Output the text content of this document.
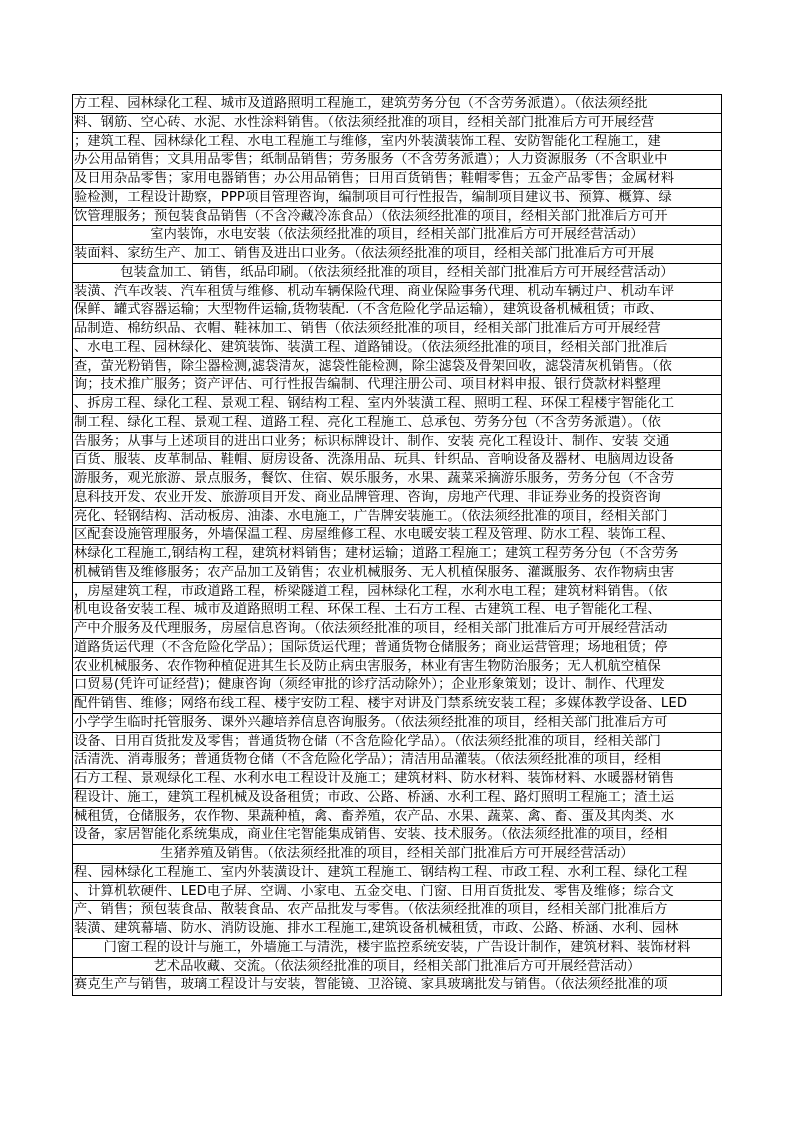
方工程、园林绿化工程、城市及道路照明工程施工，建筑劳务分包（不含劳务派遣）。（依法须经批
料、钢筋、空心砖、水泥、水性涂料销售。（依法须经批准的项目，经相关部门批准后方可开展经营
；建筑工程、园林绿化工程、水电工程施工与维修，室内外装潢装饰工程、安防智能化工程施工，建
办公用品销售；文具用品零售；纸制品销售；劳务服务（不含劳务派遣）；人力资源服务（不含职业中
及日用杂品零售；家用电器销售；办公用品销售；日用百货销售；鞋帽零售；五金产品零售；金属材料
验检测，工程设计勘察，PPP项目管理咨询，编制项目可行性报告，编制项目建议书、预算、概算、绿
饮管理服务；预包装食品销售（不含冷藏冷冻食品）（依法须经批准的项目，经相关部门批准后方可开
室内装饰，水电安装（依法须经批准的项目，经相关部门批准后方可开展经营活动）
装面料、家纺生产、加工、销售及进出口业务。（依法须经批准的项目，经相关部门批准后方可开展
包装盒加工、销售，纸品印刷。（依法须经批准的项目，经相关部门批准后方可开展经营活动）
装潢、汽车改装、汽车租赁与维修、机动车辆保险代理、商业保险事务代理、机动车辆过户、机动车评
保鲜、罐式容器运输；大型物件运输,货物装配.（不含危险化学品运输），建筑设备机械租赁；市政、
品制造、棉纺织品、衣帽、鞋袜加工、销售（依法须经批准的项目，经相关部门批准后方可开展经营
、水电工程、园林绿化、建筑装饰、装潢工程、道路铺设。（依法须经批准的项目，经相关部门批准后
查，萤光粉销售，除尘器检测,滤袋清灰，滤袋性能检测，除尘滤袋及骨架回收，滤袋清灰机销售。（依
询；技术推广服务；资产评估、可行性报告编制、代理注册公司、项目材料申报、银行贷款材料整理
、拆房工程、绿化工程、景观工程、钢结构工程、室内外装潢工程、照明工程、环保工程楼宇智能化工
制工程、绿化工程、景观工程、道路工程、亮化工程施工、总承包、劳务分包（不含劳务派遣）。（依
告服务；从事与上述项目的进出口业务；标识标牌设计、制作、安装 亮化工程设计、制作、安装 交通
百货、服装、皮革制品、鞋帽、厨房设备、洗涤用品、玩具、针织品、音响设备及器材、电脑周边设备
游服务，观光旅游、景点服务，餐饮、住宿、娱乐服务，水果、蔬菜采摘游乐服务，劳务分包（不含劳
息科技开发、农业开发、旅游项目开发、商业品牌管理、咨询，房地产代理、非证券业务的投资咨询
亮化、轻钢结构、活动板房、油漆、水电施工，广告牌安装施工。（依法须经批准的项目，经相关部门
区配套设施管理服务，外墙保温工程、房屋维修工程、水电暖安装工程及管理、防水工程、装饰工程、
林绿化工程施工,钢结构工程，建筑材料销售；建材运输；道路工程施工；建筑工程劳务分包（不含劳务
机械销售及维修服务；农产品加工及销售；农业机械服务、无人机植保服务、灌溉服务、农作物病虫害
，房屋建筑工程，市政道路工程，桥梁隧道工程，园林绿化工程，水利水电工程；建筑材料销售。（依
机电设备安装工程、城市及道路照明工程、环保工程、土石方工程、古建筑工程、电子智能化工程、
产中介服务及代理服务，房屋信息咨询。（依法须经批准的项目，经相关部门批准后方可开展经营活动
道路货运代理（不含危险化学品）；国际货运代理；普通货物仓储服务；商业运营管理；场地租赁；停
农业机械服务、农作物种植促进其生长及防止病虫害服务，林业有害生物防治服务；无人机航空植保
口贸易(凭许可证经营)；健康咨询（须经审批的诊疗活动除外）；企业形象策划；设计、制作、代理发
配件销售、维修；网络布线工程、楼宇安防工程、楼宇对讲及门禁系统安装工程；多媒体教学设备、LED
小学学生临时托管服务、课外兴趣培养信息咨询服务。（依法须经批准的项目，经相关部门批准后方可
设备、日用百货批发及零售；普通货物仓储（不含危险化学品）。（依法须经批准的项目，经相关部门
活清洗、消毒服务；普通货物仓储（不含危险化学品）；清洁用品灌装。（依法须经批准的项目，经相
石方工程、景观绿化工程、水利水电工程设计及施工；建筑材料、防水材料、装饰材料、水暖器材销售
程设计、施工，建筑工程机械及设备租赁；市政、公路、桥涵、水利工程、路灯照明工程施工；渣土运
械租赁，仓储服务，农作物、果蔬种植，禽、畜养殖，农产品、水果、蔬菜、禽、畜、蛋及其肉类、水
设备，家居智能化系统集成，商业住宅智能集成销售、安装、技术服务。（依法须经批准的项目，经相
生猪养殖及销售。（依法须经批准的项目，经相关部门批准后方可开展经营活动）
程、园林绿化工程施工、室内外装潢设计、建筑工程施工、钢结构工程、市政工程、水利工程、绿化工程
、计算机软硬件、LED电子屏、空调、小家电、五金交电、门窗、日用百货批发、零售及维修；综合文
产、销售；预包装食品、散装食品、农产品批发与零售。（依法须经批准的项目，经相关部门批准后方
装潢、建筑幕墙、防水、消防设施、排水工程施工,建筑设备机械租赁，市政、公路、桥涵、水利、园林
门窗工程的设计与施工，外墙施工与清洗，楼宇监控系统安装，广告设计制作，建筑材料、装饰材料
艺术品收藏、交流。（依法须经批准的项目，经相关部门批准后方可开展经营活动）
赛克生产与销售，玻璃工程设计与安装，智能镜、卫浴镜、家具玻璃批发与销售。（依法须经批准的项
